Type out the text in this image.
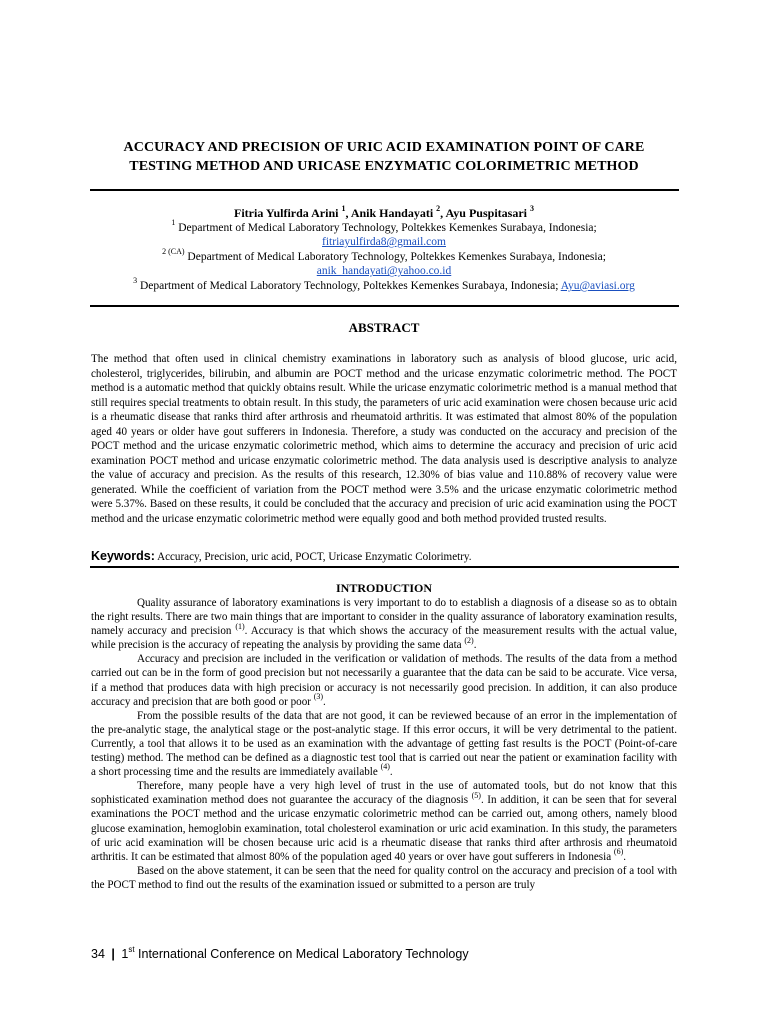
ACCURACY AND PRECISION OF URIC ACID EXAMINATION POINT OF CARE
TESTING METHOD AND URICASE ENZYMATIC COLORIMETRIC METHOD
Fitria Yulfirda Arini $^1$, Anik Handayati $^2$, Ayu Puspitasari $^3$
$^1$ Department of Medical Laboratory Technology, Poltekkes Kemenkes Surabaya, Indonesia;
fitriayulfirda8@gmail.com
$^{2 (CA)}$ Department of Medical Laboratory Technology, Poltekkes Kemenkes Surabaya, Indonesia;
anik_handayati@yahoo.co.id
$^3$ Department of Medical Laboratory Technology, Poltekkes Kemenkes Surabaya, Indonesia; Ayu@aviasi.org
ABSTRACT
The method that often used in clinical chemistry examinations in laboratory such as analysis of blood glucose, uric acid, cholesterol, triglycerides, bilirubin, and albumin are POCT method and the uricase enzymatic colorimetric method. The POCT method is a automatic method that quickly obtains result. While the uricase enzymatic colorimetric method is a manual method that still requires special treatments to obtain result. In this study, the parameters of uric acid examination were chosen because uric acid is a rheumatic disease that ranks third after arthrosis and rheumatoid arthritis. It was estimated that almost 80% of the population aged 40 years or older have gout sufferers in Indonesia. Therefore, a study was conducted on the accuracy and precision of the POCT method and the uricase enzymatic colorimetric method, which aims to determine the accuracy and precision of uric acid examination POCT method and uricase enzymatic colorimetric method. The data analysis used is descriptive analysis to analyze the value of accuracy and precision. As the results of this research, 12.30% of bias value and 110.88% of recovery value were generated. While the coefficient of variation from the POCT method were 3.5% and the uricase enzymatic colorimetric method were 5.37%. Based on these results, it could be concluded that the accuracy and precision of uric acid examination using the POCT method and the uricase enzymatic colorimetric method were equally good and both method provided trusted results.
Keywords: Accuracy, Precision, uric acid, POCT, Uricase Enzymatic Colorimetry.
INTRODUCTION

Quality assurance of laboratory examinations is very important to do to establish a diagnosis of a disease so as to obtain the right results. There are two main things that are important to consider in the quality assurance of laboratory examination results, namely accuracy and precision $^{(1)}$. Accuracy is that which shows the accuracy of the measurement results with the actual value, while precision is the accuracy of repeating the analysis by providing the same data $^{(2)}$.

Accuracy and precision are included in the verification or validation of methods. The results of the data from a method carried out can be in the form of good precision but not necessarily a guarantee that the data can be said to be accurate. Vice versa, if a method that produces data with high precision or accuracy is not necessarily good precision. In addition, it can also produce accuracy and precision that are both good or poor $^{(3)}$.

From the possible results of the data that are not good, it can be reviewed because of an error in the implementation of the pre-analytic stage, the analytical stage or the post-analytic stage. If this error occurs, it will be very detrimental to the patient. Currently, a tool that allows it to be used as an examination with the advantage of getting fast results is the POCT (Point-of-care testing) method. The method can be defined as a diagnostic test tool that is carried out near the patient or examination facility with a short processing time and the results are immediately available $^{(4)}$.

Therefore, many people have a very high level of trust in the use of automated tools, but do not know that this sophisticated examination method does not guarantee the accuracy of the diagnosis $^{(5)}$. In addition, it can be seen that for several examinations the POCT method and the uricase enzymatic colorimetric method can be carried out, among others, namely blood glucose examination, hemoglobin examination, total cholesterol examination or uric acid examination. In this study, the parameters of uric acid examination will be chosen because uric acid is a rheumatic disease that ranks third after arthrosis and rheumatoid arthritis. It can be estimated that almost 80% of the population aged 40 years or over have gout sufferers in Indonesia $^{(6)}$.

Based on the above statement, it can be seen that the need for quality control on the accuracy and precision of a tool with the POCT method to find out the results of the examination issued or submitted to a person are truly

34 | 1st International Conference on Medical Laboratory Technology
